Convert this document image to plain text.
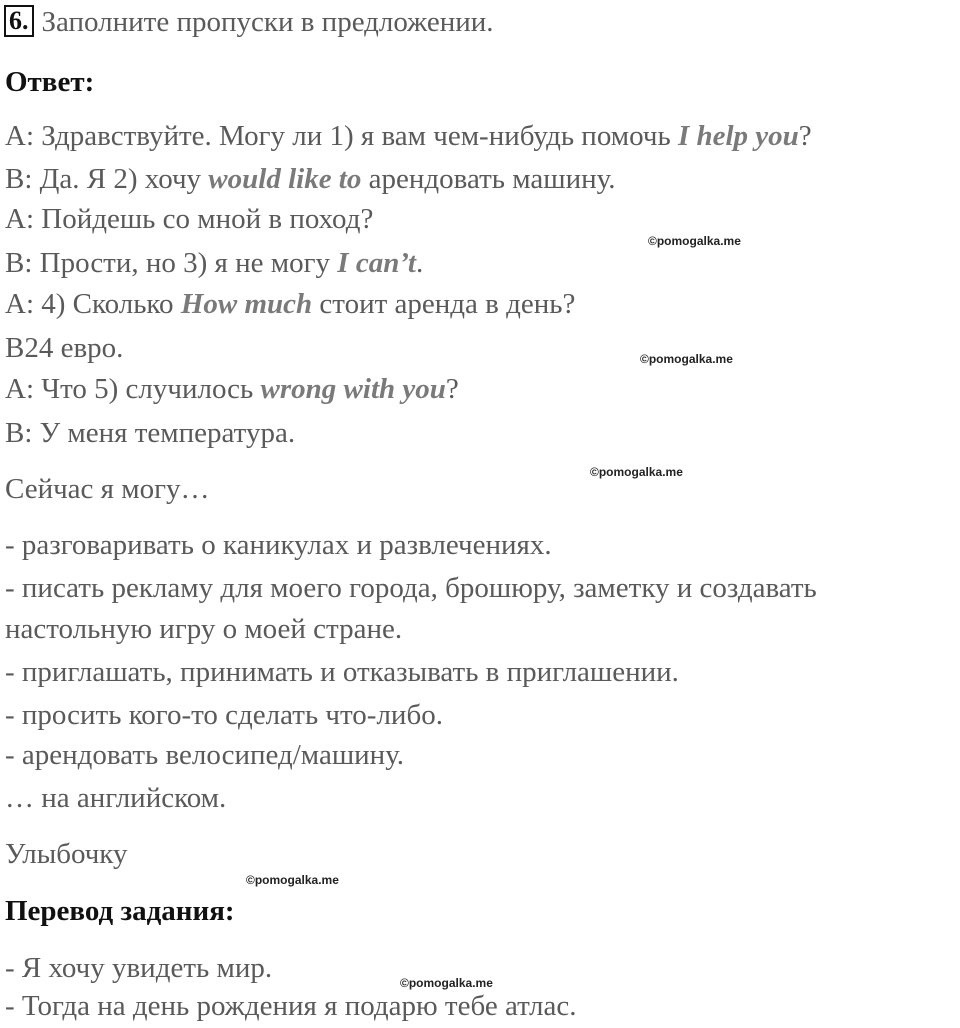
6. Заполните пропуски в предложении.
Ответ:
А: Здравствуйте. Могу ли 1) я вам чем-нибудь помочь I help you?
В: Да. Я 2) хочу would like to арендовать машину.
А: Пойдешь со мной в поход?
В: Прости, но 3) я не могу I can’t.
А: 4) Сколько How much стоит аренда в день?
В24 евро.
А: Что 5) случилось wrong with you?
В: У меня температура.
Сейчас я могу…
- разговаривать о каникулах и развлечениях.
- писать рекламу для моего города, брошюру, заметку и создавать
настольную игру о моей стране.
- приглашать, принимать и отказывать в приглашении.
- просить кого-то сделать что-либо.
- арендовать велосипед/машину.
… на английском.
Улыбочку
Перевод задания:
- Я хочу увидеть мир.
- Тогда на день рождения я подарю тебе атлас.
©pomogalka.me
©pomogalka.me
©pomogalka.me
©pomogalka.me
©pomogalka.me
